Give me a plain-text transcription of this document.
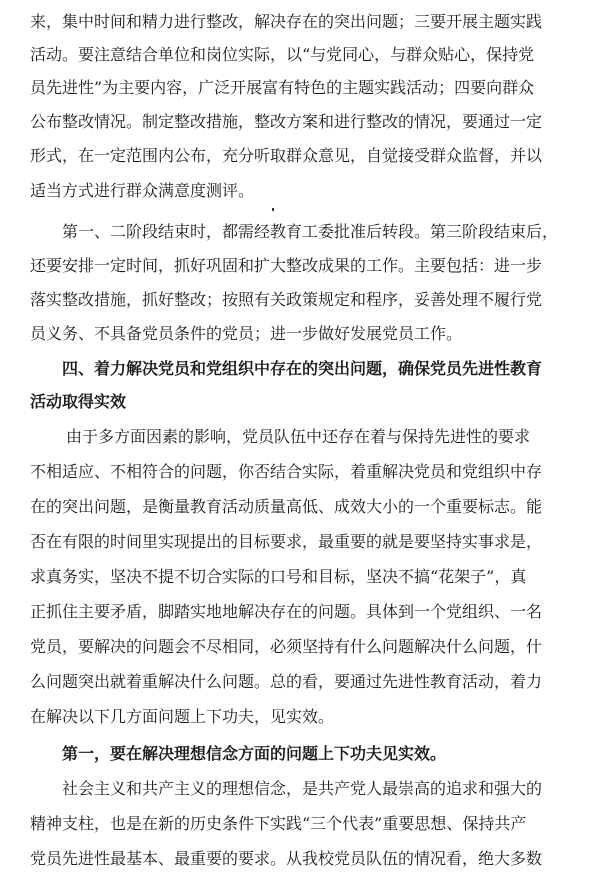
来，集中时间和精力进行整改，解决存在的突出问题；三要开展主题实践
活动。要注意结合单位和岗位实际，以“与党同心，与群众贴心，保持党
员先进性”为主要内容，广泛开展富有特色的主题实践活动；四要向群众
公布整改情况。制定整改措施，整改方案和进行整改的情况，要通过一定
形式，在一定范围内公布，充分听取群众意见，自觉接受群众监督，并以
适当方式进行群众满意度测评。
第一、二阶段结束时，都需经教育工委批准后转段。第三阶段结束后，
还要安排一定时间，抓好巩固和扩大整改成果的工作。主要包括：进一步
落实整改措施，抓好整改；按照有关政策规定和程序，妥善处理不履行党
员义务、不具备党员条件的党员；进一步做好发展党员工作。
四、着力解决党员和党组织中存在的突出问题，确保党员先进性教育
活动取得实效
由于多方面因素的影响，党员队伍中还存在着与保持先进性的要求
不相适应、不相符合的问题，你否结合实际，着重解决党员和党组织中存
在的突出问题，是衡量教育活动质量高低、成效大小的一个重要标志。能
否在有限的时间里实现提出的目标要求，最重要的就是要坚持实事求是，
求真务实，坚决不提不切合实际的口号和目标，坚决不搞“花架子”，真
正抓住主要矛盾，脚踏实地地解决存在的问题。具体到一个党组织、一名
党员，要解决的问题会不尽相同，必须坚持有什么问题解决什么问题，什
么问题突出就着重解决什么问题。总的看，要通过先进性教育活动，着力
在解决以下几方面问题上下功夫，见实效。
第一，要在解决理想信念方面的问题上下功夫见实效。
社会主义和共产主义的理想信念，是共产党人最崇高的追求和强大的
精神支柱，也是在新的历史条件下实践“三个代表”重要思想、保持共产
党员先进性最基本、最重要的要求。从我校党员队伍的情况看，绝大多数
